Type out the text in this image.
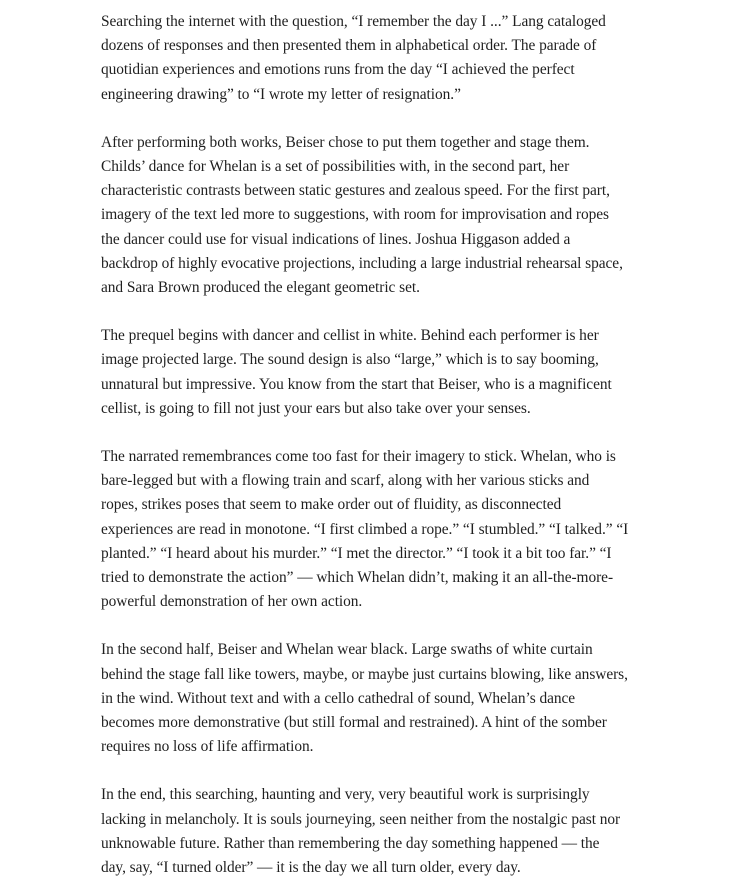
Searching the internet with the question, “I remember the day I ...” Lang cataloged
dozens of responses and then presented them in alphabetical order. The parade of
quotidian experiences and emotions runs from the day “I achieved the perfect
engineering drawing” to “I wrote my letter of resignation.”

After performing both works, Beiser chose to put them together and stage them.
Childs’ dance for Whelan is a set of possibilities with, in the second part, her
characteristic contrasts between static gestures and zealous speed. For the first part,
imagery of the text led more to suggestions, with room for improvisation and ropes
the dancer could use for visual indications of lines. Joshua Higgason added a
backdrop of highly evocative projections, including a large industrial rehearsal space,
and Sara Brown produced the elegant geometric set.

The prequel begins with dancer and cellist in white. Behind each performer is her
image projected large. The sound design is also “large,” which is to say booming,
unnatural but impressive. You know from the start that Beiser, who is a magnificent
cellist, is going to fill not just your ears but also take over your senses.

The narrated remembrances come too fast for their imagery to stick. Whelan, who is
bare-legged but with a flowing train and scarf, along with her various sticks and
ropes, strikes poses that seem to make order out of fluidity, as disconnected
experiences are read in monotone. “I first climbed a rope.” “I stumbled.” “I talked.” “I
planted.” “I heard about his murder.” “I met the director.” “I took it a bit too far.” “I
tried to demonstrate the action” — which Whelan didn’t, making it an all-the-more-
powerful demonstration of her own action.

In the second half, Beiser and Whelan wear black. Large swaths of white curtain
behind the stage fall like towers, maybe, or maybe just curtains blowing, like answers,
in the wind. Without text and with a cello cathedral of sound, Whelan’s dance
becomes more demonstrative (but still formal and restrained). A hint of the somber
requires no loss of life affirmation.

In the end, this searching, haunting and very, very beautiful work is surprisingly
lacking in melancholy. It is souls journeying, seen neither from the nostalgic past nor
unknowable future. Rather than remembering the day something happened — the
day, say, “I turned older” — it is the day we all turn older, every day.
